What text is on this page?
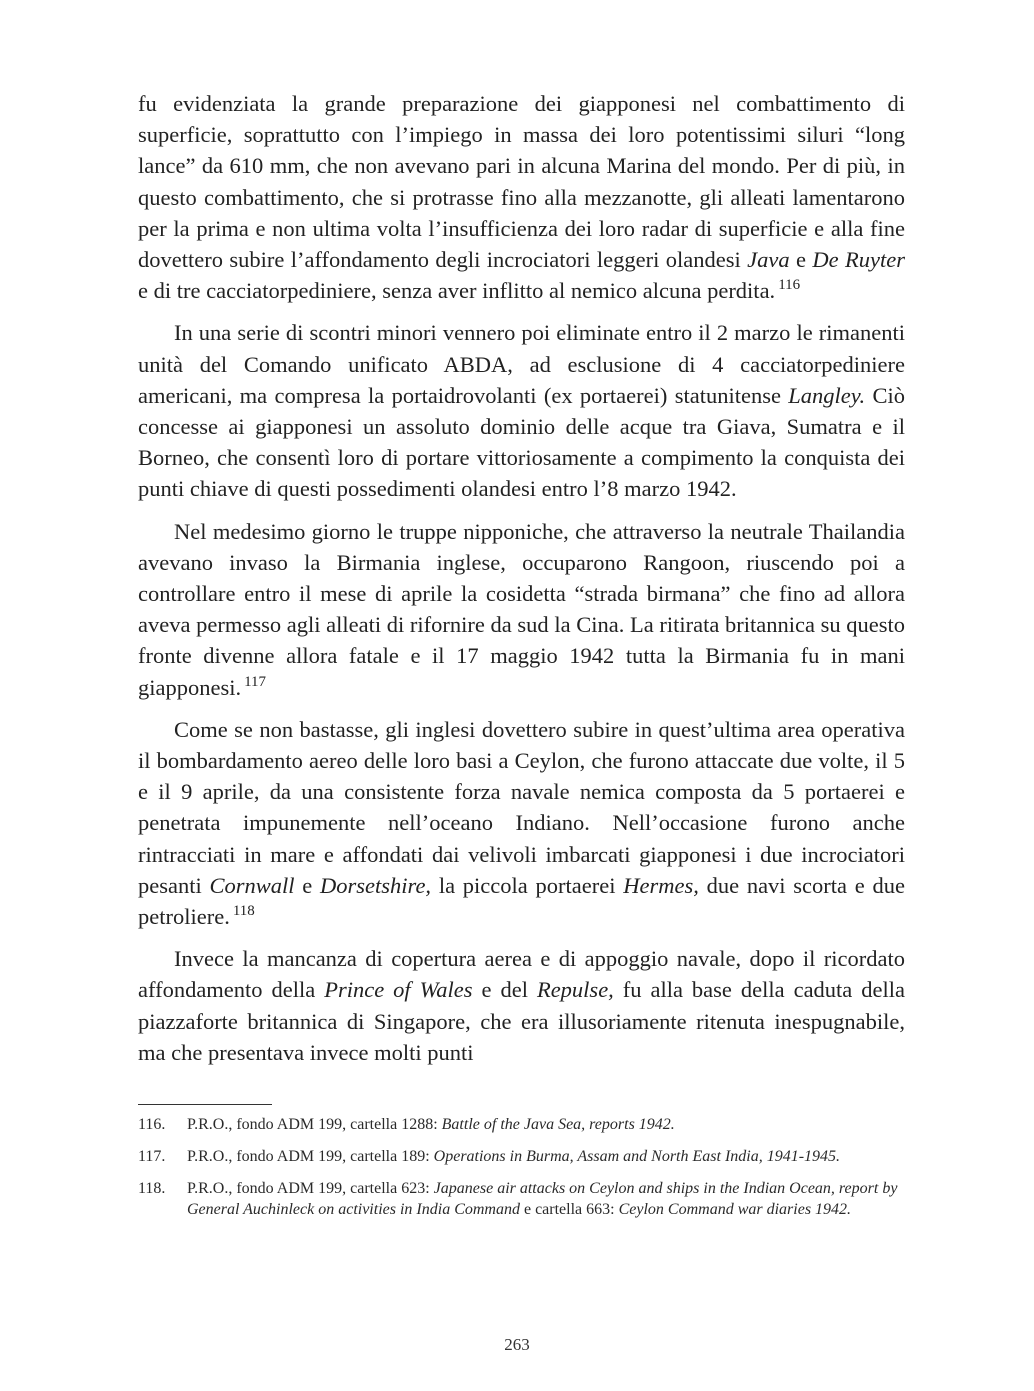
fu evidenziata la grande preparazione dei giapponesi nel combattimento di superficie, soprattutto con l’impiego in massa dei loro potentissimi siluri “long lance” da 610 mm, che non avevano pari in alcuna Marina del mondo. Per di più, in questo combattimento, che si protrasse fino alla mezzanotte, gli alleati lamentarono per la prima e non ultima volta l’insufficienza dei loro radar di superficie e alla fine dovettero subire l’affondamento degli incrociatori leggeri olandesi Java e De Ruyter e di tre cacciatorpediniere, senza aver inflitto al nemico alcuna perdita. $^{116}$

In una serie di scontri minori vennero poi eliminate entro il 2 marzo le rimanenti unità del Comando unificato ABDA, ad esclusione di 4 cacciatorpediniere americani, ma compresa la portaidrovolanti (ex portaerei) statunitense Langley. Ciò concesse ai giapponesi un assoluto dominio delle acque tra Giava, Sumatra e il Borneo, che consentì loro di portare vittoriosamente a compimento la conquista dei punti chiave di questi possedimenti olandesi entro l’8 marzo 1942.

Nel medesimo giorno le truppe nipponiche, che attraverso la neutrale Thailandia avevano invaso la Birmania inglese, occuparono Rangoon, riuscendo poi a controllare entro il mese di aprile la cosidetta “strada birmana” che fino ad allora aveva permesso agli alleati di rifornire da sud la Cina. La ritirata britannica su questo fronte divenne allora fatale e il 17 maggio 1942 tutta la Birmania fu in mani giapponesi. $^{117}$

Come se non bastasse, gli inglesi dovettero subire in quest’ultima area operativa il bombardamento aereo delle loro basi a Ceylon, che furono attaccate due volte, il 5 e il 9 aprile, da una consistente forza navale nemica composta da 5 portaerei e penetrata impunemente nell’oceano Indiano. Nell’occasione furono anche rintracciati in mare e affondati dai velivoli imbarcati giapponesi i due incrociatori pesanti Cornwall e Dorsetshire, la piccola portaerei Hermes, due navi scorta e due petroliere. $^{118}$

Invece la mancanza di copertura aerea e di appoggio navale, dopo il ricordato affondamento della Prince of Wales e del Repulse, fu alla base della caduta della piazzaforte britannica di Singapore, che era illusoriamente ritenuta inespugnabile, ma che presentava invece molti punti

116. P.R.O., fondo ADM 199, cartella 1288: Battle of the Java Sea, reports 1942.
117. P.R.O., fondo ADM 199, cartella 189: Operations in Burma, Assam and North East India, 1941-1945.
118. P.R.O., fondo ADM 199, cartella 623: Japanese air attacks on Ceylon and ships in the Indian Ocean, report by General Auchinleck on activities in India Command e cartella 663: Ceylon Command war diaries 1942.
263
